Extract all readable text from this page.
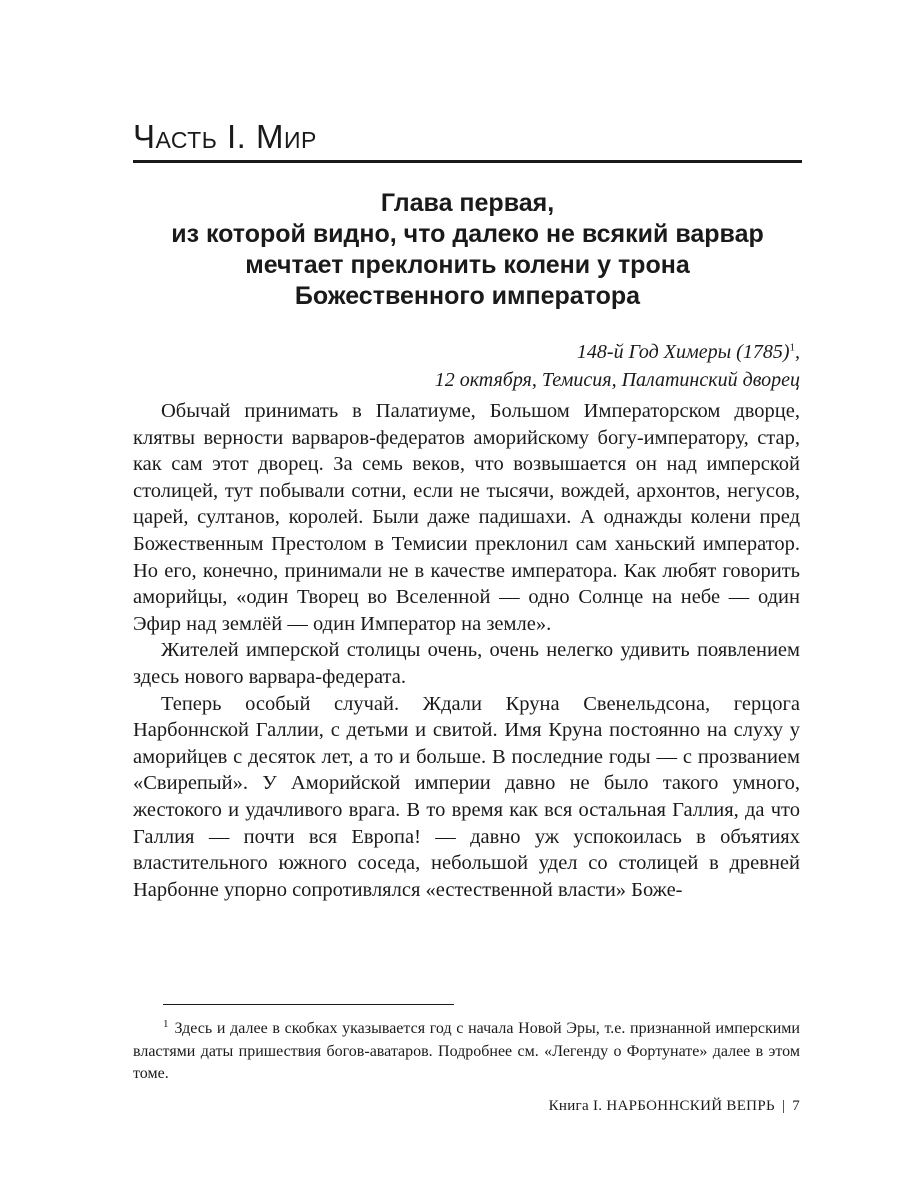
Часть I. Мир
Глава первая,
из которой видно, что далеко не всякий варвар
мечтает преклонить колени у трона
Божественного императора
148-й Год Химеры (1785)$^1$,
12 октября, Темисия, Палатинский дворец

Обычай принимать в Палатиуме, Большом Императорском дворце, клятвы верности варваров-федератов аморийскому богу-императору, стар, как сам этот дворец. За семь веков, что возвышается он над имперской столицей, тут побывали сотни, если не тысячи, вождей, архонтов, негусов, царей, султанов, королей. Были даже падишахи. А однажды колени пред Божественным Престолом в Темисии преклонил сам ханьский император. Но его, конечно, принимали не в качестве императора. Как любят говорить аморийцы, «один Творец во Вселенной — одно Солнце на небе — один Эфир над землёй — один Император на земле».

Жителей имперской столицы очень, очень нелегко удивить появлением здесь нового варвара-федерата.

Теперь особый случай. Ждали Круна Свенельдсона, герцога Нарбоннской Галлии, с детьми и свитой. Имя Круна постоянно на слуху у аморийцев с десяток лет, а то и больше. В последние годы — с прозванием «Свирепый». У Аморийской империи давно не было такого умного, жестокого и удачливого врага. В то время как вся остальная Галлия, да что Галлия — почти вся Европа! — давно уж успокоилась в объятиях властительного южного соседа, небольшой удел со столицей в древней Нарбонне упорно сопротивлялся «естественной власти» Боже-

$^1$ Здесь и далее в скобках указывается год с начала Новой Эры, т.е. признанной имперскими властями даты пришествия богов-аватаров. Подробнее см. «Легенду о Фортунате» далее в этом томе.

Книга I. НАРБОННСКИЙ ВЕПРЬ | 7
